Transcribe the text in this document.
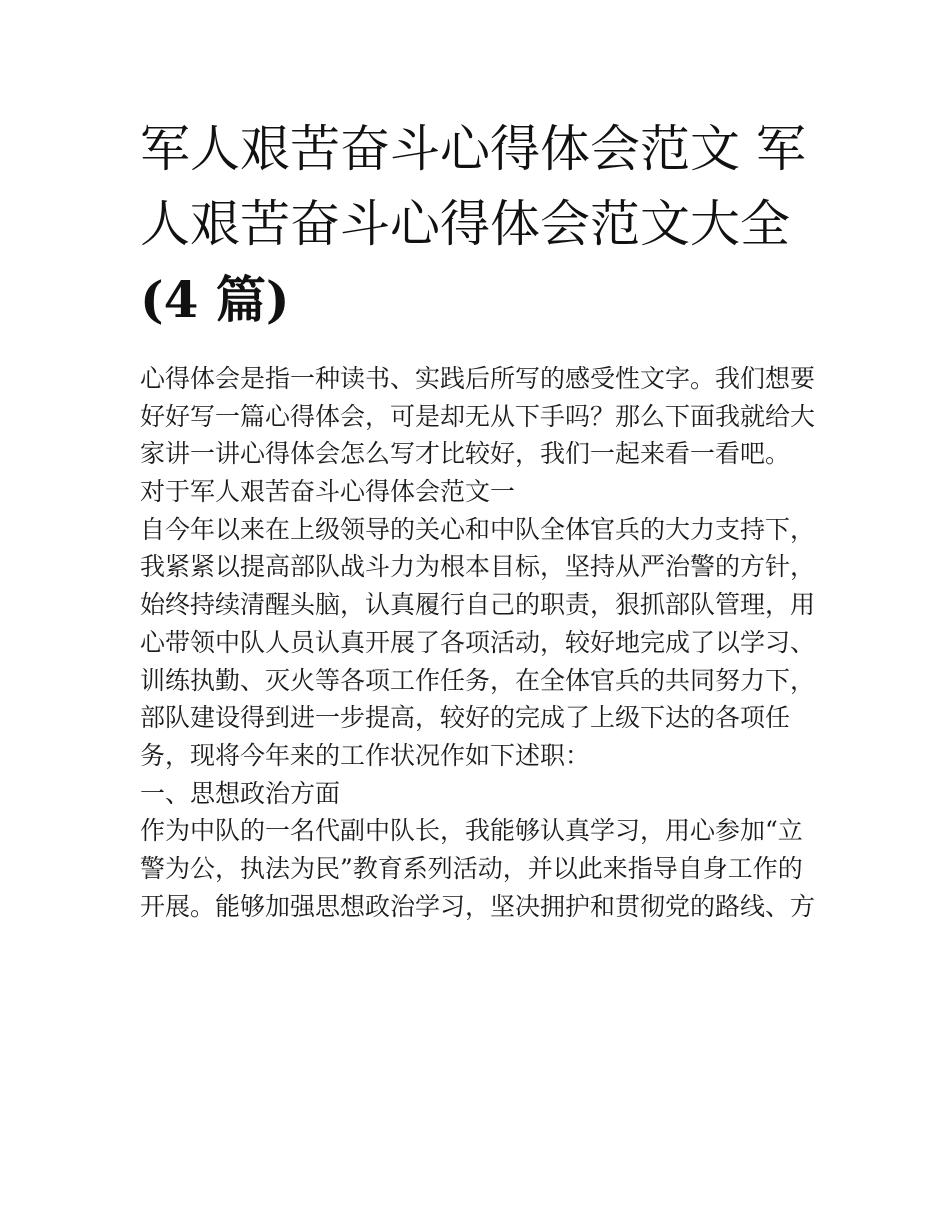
军人艰苦奋斗心得体会范文 军
人艰苦奋斗心得体会范文大全
(4 篇)
心得体会是指一种读书、实践后所写的感受性文字。我们想要
好好写一篇心得体会，可是却无从下手吗？那么下面我就给大
家讲一讲心得体会怎么写才比较好，我们一起来看一看吧。
对于军人艰苦奋斗心得体会范文一
自今年以来在上级领导的关心和中队全体官兵的大力支持下，
我紧紧以提高部队战斗力为根本目标，坚持从严治警的方针，
始终持续清醒头脑，认真履行自己的职责，狠抓部队管理，用
心带领中队人员认真开展了各项活动，较好地完成了以学习、
训练执勤、灭火等各项工作任务，在全体官兵的共同努力下，
部队建设得到进一步提高，较好的完成了上级下达的各项任
务，现将今年来的工作状况作如下述职：
一、思想政治方面
作为中队的一名代副中队长，我能够认真学习，用心参加“立
警为公，执法为民”教育系列活动，并以此来指导自身工作的
开展。能够加强思想政治学习，坚决拥护和贯彻党的路线、方
